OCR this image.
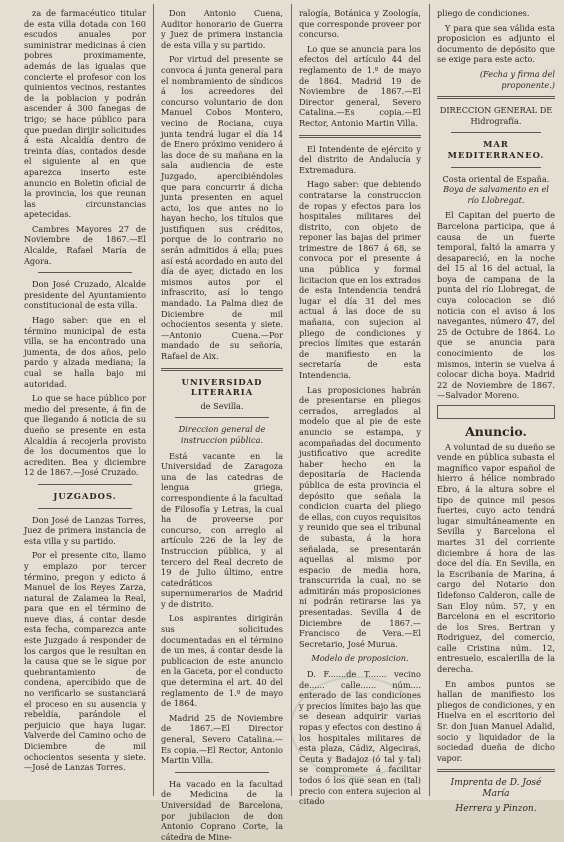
za de farmacéutico titular de esta villa dotada con 160 escudos anuales por suministrar medicinas á cien pobres proximamente, además de las igualas que concierte el profesor con los quinientos vecinos, restantes de la poblacion y podrán ascender á 300 fanegas de trigo; se hace público para que puedan dirijir solicitudes á esta Alcaldía dentro de treinta días, contados desde el siguiente al en que aparezca inserto este anuncio en Boletin oficial de la provincia, los que reunan las circunstancias apetecidas.

Cambres Mayores 27 de Noviembre de 1867.—El Alcalde, Rafael María de Agora.

Don José Cruzado, Alcalde presidente del Ayuntamiento constitucional de esta villa.

Hago saber: que en el término municipal de esta villa, se ha encontrado una jumenta, de dos años, pelo pardo y alzada mediana; la cual se halla bajo mi autoridad.

Lo que se hace público por medio del presente, á fin de que llegando á noticia de su dueño se presente en esta Alcaldía á recojerla provisto de los documentos que lo acrediten. Bea y diciembre 12 de 1867.—José Cruzado.

JUZGADOS.

Don José de Lanzas Torres, Juez de primera instancia de esta villa y su partido.

Por el presente cito, llamo y emplazo por tercer término, pregon y edicto á Manuel de los Reyes Zarza, natural de Zalamea la Real, para que en el término de nueve dias, á contar desde esta fecha, comparezca ante este Juzgado á responder de los cargos que le resultan en la causa que se le sigue por quebrantamiento de condena, apercibido que de no verificarlo se sustanciará el proceso en su ausencia y rebeldía, parándole el perjuicio que haya lugar. Valverde del Camino ocho de Diciembre de mil ochocientos sesenta y siete.—José de Lanzas Torres.

Don Antonio Cuena, Auditor honorario de Guerra y Juez de primera instancia de esta villa y su partido.

Por virtud del presente se convoca á junta general para el nombramiento de síndicos á los acreedores del concurso voluntario de don Manuel Cobos Montero, vecino de Rociana, cuya junta tendrá lugar el día 14 de Enero próximo venidero á las doce de su mañana en la sala audiencia de este Juzgado, apercibiéndoles que para concurrir á dicha junta presenten en aquel acto, los que antes no lo hayan hecho, los títulos que justifiquen sus créditos, porque de lo contrario no serán admitidos á ella; pues así está acordado en auto del día de ayer, dictado en los mismos autos por el infrascrito, así lo tengo mandado. La Palma diez de Diciembre de mil ochocientos sesenta y siete.—Antonio Cuena.—Por mandado de su señoría, Rafael de Aix.

UNIVERSIDAD LITERARIA
de Sevilla.
Direccion general de instruccion pública.

Está vacante en la Universidad de Zaragoza una de las catedras de lengua griega, correspondiente á la facultad de Filosofía y Letras, la cual ha de proveerse por concurso, con arreglo al artículo 226 de la ley de Instruccion pública, y al tercero del Real decreto de 19 de Julio último, entre catedráticos supernumerarios de Madrid y de distrito.

Los aspirantes dirigirán sus solicitudes documentadas en el término de un mes, á contar desde la publicacion de este anuncio en la Gaceta, por el conducto que determina el art. 40 del reglamento de 1.º de mayo de 1864.

Madrid 25 de Noviembre de 1867.—El Director general, Severo Catalina.—Es copia.—El Rector, Antonio Martin Villa.

Ha vacado en la facultad de Medicina de la Universidad de Barcelona, por jubilacion de don Antonio Coprano Corte, la cátedra de Mine-

ralogía, Botánica y Zoología, que corresponde proveer por concurso.

Lo que se anuncia para los efectos del artículo 44 del reglamento de 1.º de mayo de 1864. Madrid 19 de Noviembre de 1867.—El Director general, Severo Catalina.—Es copia.—El Rector, Antonio Martin Villa.

El Intendente de ejército y del distrito de Andalucía y Extremadura.

Hago saber: que debiendo contratarse la construccion de ropas y efectos para los hospitales militares del distrito, con objeto de reponer las bajas del primer trimestre de 1867 á 68, se convoca por el presente á una pública y formal licitacion que en los extrados de esta Intendencia tendrá lugar el día 31 del mes actual á las doce de su mañana, con sujecion al pliego de condiciones y precios límites que estarán de manifiesto en la secretaría de esta Intendencia.

Las proposiciones habrán de presentarse en pliegos cerrados, arreglados al modelo que al pie de este anuncio se estampa, y acompañadas del documento justificativo que acredite haber hecho en la depositaría de Hacienda pública de esta provincia el depósito que señala la condicion cuarta del pliego de ellas, con cuyos requisitos y reunido que sea el tribunal de subasta, á la hora señalada, se presentarán aquellas al mismo por espacio de media hora, transcurrida la cual, no se admitirán más proposiciones ni podrán retirarse las ya presentadas. Sevilla 4 de Diciembre de 1867.—Francisco de Vera.—El Secretario, José Murua.

Modelo de proposicion.

D. F.......de T....... vecino de...... calle...... núm.... enterado de las condiciones y precios límites bajo las que se desean adquirir varias ropas y efectos con destino á los hospitales militares de esta plaza, Cádiz, Algeciras, Ceuta y Badajoz (ó tal y tal) se compromete á facilitar todos ó los que sean en (tal) precio con entera sujecion al citado

pliego de condiciones.

Y para que sea válida esta proposicion es adjunto el documento de depósito que se exige para este acto.

(Fecha y firma del proponente.)

DIRECCION GENERAL DE Hidrografía.
MAR MEDITERRANEO.
Costa oriental de España.
Boya de salvamento en el río Llobregat.

El Capitan del puerto de Barcelona participa, que á causa de un fuerte temporal, faltó la amarra y desapareció, en la noche del 15 al 16 del actual, la boya de campana de la punta del río Llobregat, de cuya colocacion se dió noticia con el aviso á los navegantes, número 47, del 25 de Octubre de 1864. Lo que se anuncia para conocimiento de los mismos, interin se vuelva á colocar dicha boya. Madrid 22 de Noviembre de 1867.—Salvador Moreno.

Anuncio.

A voluntad de su dueño se vende en pública subasta el magnífico vapor español de hierro á hélice nombrado Ebro, á la altura sobre el tipo de quince mil pesos fuertes, cuyo acto tendrá lugar simultáneamente en Sevilla y Barcelona el martes 31 del corriente diciembre á hora de las doce del día. En Sevilla, en la Escribanía de Marina, á cargo del Notario don Ildefonso Calderon, calle de San Eloy núm. 57, y en Barcelona en el escritorio de los Sres. Bertran y Rodriguez, del comercio, calle Cristina núm. 12, entresuelo, escalerilla de la derecha.

En ambos puntos se hallan de manifiesto los pliegos de condiciones, y en Huelva en el escritorio del Sr. don Juan Manuel Adalid, socio y liquidador de la sociedad dueña de dicho vapor.

Imprenta de D. José María
Herrera y Pinzon.
